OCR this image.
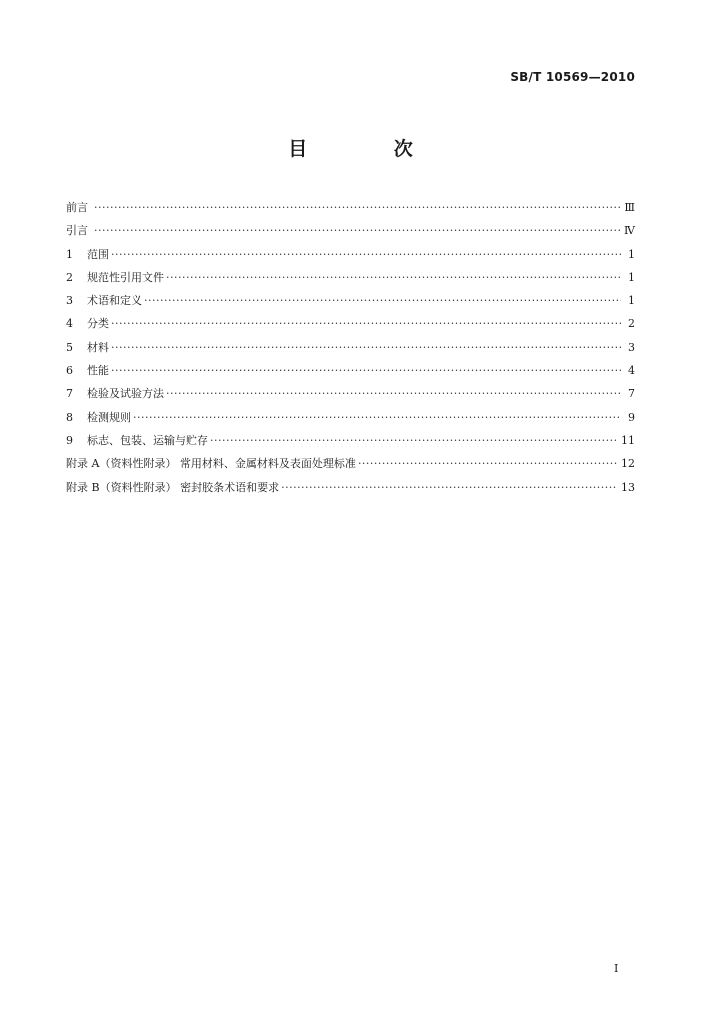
SB/T 10569—2010
目 次
前言 ·····	Ⅲ
引言 ·····	Ⅳ
1	范围 ·····	1
2	规范性引用文件 ·····	1
3	术语和定义 ·····	1
4	分类 ·····	2
5	材料 ·····	3
6	性能 ·····	4
7	检验及试验方法 ·····	7
8	检测规则 ·····	9
9	标志、包装、运输与贮存 ·····	11
附录 A（资料性附录） 常用材料、金属材料及表面处理标准 ·····	12
附录 B（资料性附录） 密封胶条术语和要求 ·····	13
I
